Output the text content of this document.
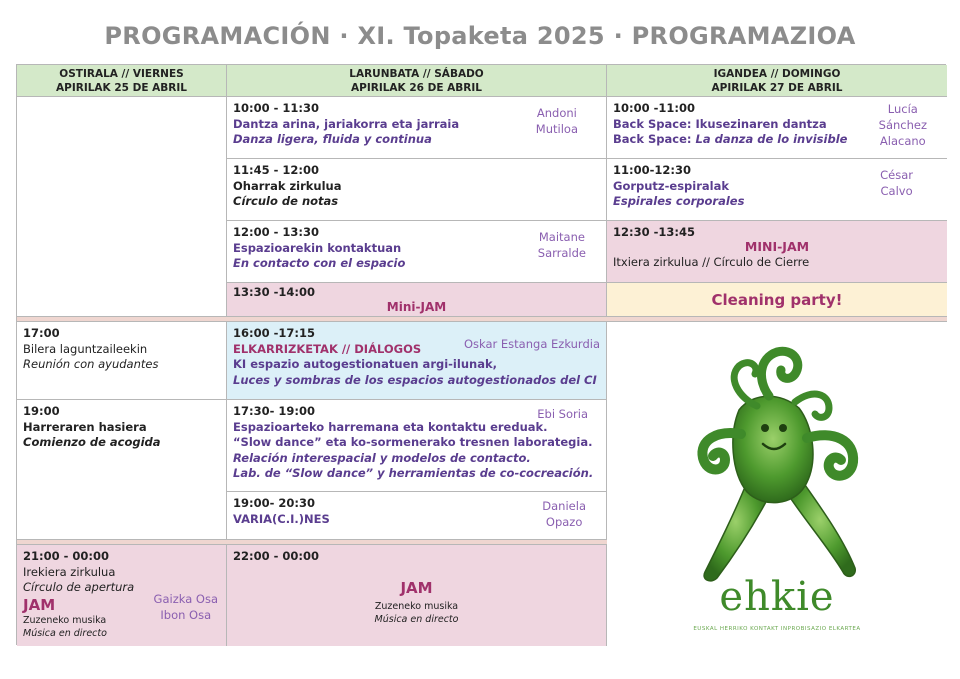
PROGRAMACIÓN · XI. Topaketa 2025 · PROGRAMAZIOA
OSTIRALA // VIERNES
APIRILAK 25 DE ABRIL
LARUNBATA // SÁBADO
APIRILAK 26 DE ABRIL
IGANDEA // DOMINGO
APIRILAK 27 DE ABRIL
10:00 - 11:30
Dantza arina, jariakorra eta jarraia
Danza ligera, fluida y continua
Andoni
Mutiloa
11:45 - 12:00
Oharrak zirkulua
Círculo de notas
12:00 - 13:30
Espazioarekin kontaktuan
En contacto con el espacio
Maitane
Sarralde
13:30 -14:00
Mini-JAM
10:00 -11:00
Back Space: Ikusezinaren dantza
Back Space: La danza de lo invisible
Lucía
Sánchez
Alacano
11:00-12:30
Gorputz-espiralak
Espirales corporales
César
Calvo
12:30 -13:45
MINI-JAM
Itxiera zirkulua // Círculo de Cierre
Cleaning party!
17:00
Bilera laguntzaileekin
Reunión con ayudantes
19:00
Harreraren hasiera
Comienzo de acogida
16:00 -17:15
ELKARRIZKETAK // DIÁLOGOS
KI espazio autogestionatuen argi-ilunak,
Luces y sombras de los espacios autogestionados del CI
Oskar Estanga Ezkurdia
17:30- 19:00
Espazioarteko harremana eta kontaktu ereduak.
“Slow dance” eta ko-sormenerako tresnen laborategia.
Relación interespacial y modelos de contacto.
Lab. de “Slow dance” y herramientas de co-cocreación.
Ebi Soria
19:00- 20:30
VARIA(C.I.)NES
Daniela
Opazo
ehkie
EUSKAL HERRIKO KONTAKT INPROBISAZIO ELKARTEA
21:00 - 00:00
Irekiera zirkulua
Círculo de apertura
JAM
Zuzeneko musika
Música en directo
Gaizka Osa
Ibon Osa
22:00 - 00:00
JAM
Zuzeneko musika
Música en directo
